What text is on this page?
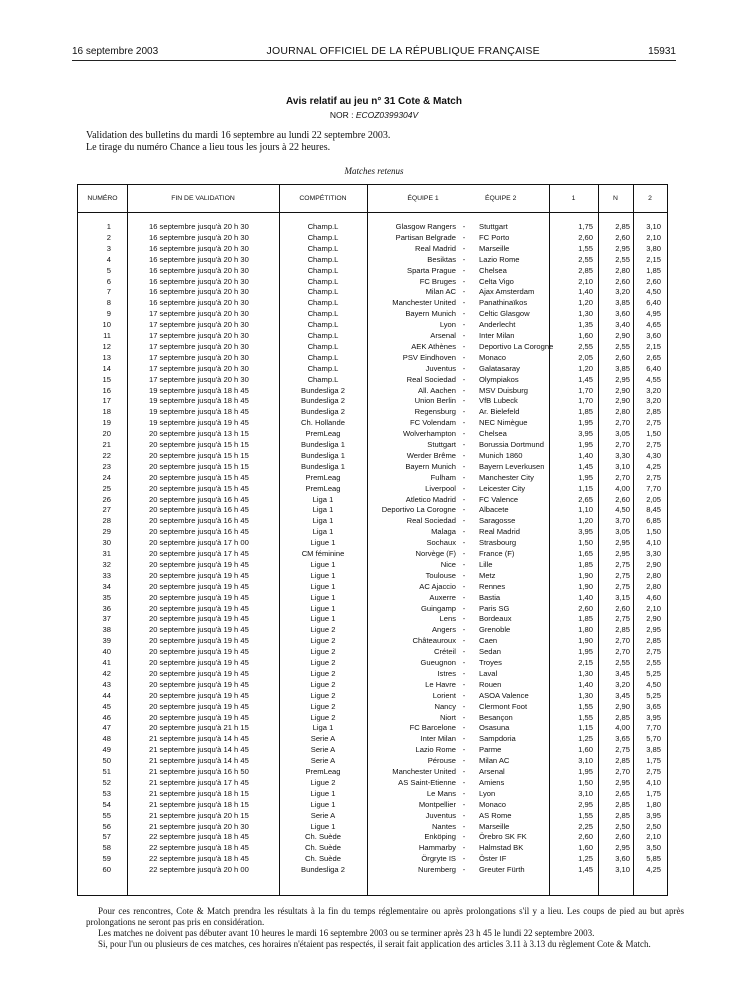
16 septembre 2003	JOURNAL OFFICIEL DE LA RÉPUBLIQUE FRANÇAISE	15931
Avis relatif au jeu n° 31 Cote & Match
NOR : ECOZ0399304V
Validation des bulletins du mardi 16 septembre au lundi 22 septembre 2003.
Le tirage du numéro Chance a lieu tous les jours à 22 heures.
Matches retenus
NUMÉRO	FIN DE VALIDATION	COMPÉTITION	ÉQUIPE 1	ÉQUIPE 2	1	N	2
1	16 septembre jusqu'à 20 h 30	Champ.L	Glasgow Rangers -	Stuttgart	1,75	2,85	3,10
2	16 septembre jusqu'à 20 h 30	Champ.L	Partisan Belgrade -	FC Porto	2,60	2,60	2,10
3	16 septembre jusqu'à 20 h 30	Champ.L	Real Madrid -	Marseille	1,55	2,95	3,80
4	16 septembre jusqu'à 20 h 30	Champ.L	Besiktas -	Lazio Rome	2,55	2,55	2,15
5	16 septembre jusqu'à 20 h 30	Champ.L	Sparta Prague -	Chelsea	2,85	2,80	1,85
6	16 septembre jusqu'à 20 h 30	Champ.L	FC Bruges -	Celta Vigo	2,10	2,60	2,60
7	16 septembre jusqu'à 20 h 30	Champ.L	Milan AC -	Ajax Amsterdam	1,40	3,20	4,50
8	16 septembre jusqu'à 20 h 30	Champ.L	Manchester United -	Panathinaïkos	1,20	3,85	6,40
9	17 septembre jusqu'à 20 h 30	Champ.L	Bayern Munich -	Celtic Glasgow	1,30	3,60	4,95
10	17 septembre jusqu'à 20 h 30	Champ.L	Lyon -	Anderlecht	1,35	3,40	4,65
11	17 septembre jusqu'à 20 h 30	Champ.L	Arsenal -	Inter Milan	1,60	2,90	3,60
12	17 septembre jusqu'à 20 h 30	Champ.L	AEK Athènes -	Deportivo La Corogne	2,55	2,55	2,15
13	17 septembre jusqu'à 20 h 30	Champ.L	PSV Eindhoven -	Monaco	2,05	2,60	2,65
14	17 septembre jusqu'à 20 h 30	Champ.L	Juventus -	Galatasaray	1,20	3,85	6,40
15	17 septembre jusqu'à 20 h 30	Champ.L	Real Sociedad -	Olympiakos	1,45	2,95	4,55
16	19 septembre jusqu'à 18 h 45	Bundesliga 2	All. Aachen -	MSV Duisburg	1,70	2,90	3,20
17	19 septembre jusqu'à 18 h 45	Bundesliga 2	Union Berlin -	VfB Lubeck	1,70	2,90	3,20
18	19 septembre jusqu'à 18 h 45	Bundesliga 2	Regensburg -	Ar. Bielefeld	1,85	2,80	2,85
19	19 septembre jusqu'à 19 h 45	Ch. Hollande	FC Volendam -	NEC Nimègue	1,95	2,70	2,75
20	20 septembre jusqu'à 13 h 15	PremLeag	Wolverhampton -	Chelsea	3,95	3,05	1,50
21	20 septembre jusqu'à 15 h 15	Bundesliga 1	Stuttgart -	Borussia Dortmund	1,95	2,70	2,75
22	20 septembre jusqu'à 15 h 15	Bundesliga 1	Werder Brême -	Munich 1860	1,40	3,30	4,30
23	20 septembre jusqu'à 15 h 15	Bundesliga 1	Bayern Munich -	Bayern Leverkusen	1,45	3,10	4,25
24	20 septembre jusqu'à 15 h 45	PremLeag	Fulham -	Manchester City	1,95	2,70	2,75
25	20 septembre jusqu'à 15 h 45	PremLeag	Liverpool -	Leicester City	1,15	4,00	7,70
26	20 septembre jusqu'à 16 h 45	Liga 1	Atletico Madrid -	FC Valence	2,65	2,60	2,05
27	20 septembre jusqu'à 16 h 45	Liga 1	Deportivo La Corogne -	Albacete	1,10	4,50	8,45
28	20 septembre jusqu'à 16 h 45	Liga 1	Real Sociedad -	Saragosse	1,20	3,70	6,85
29	20 septembre jusqu'à 16 h 45	Liga 1	Malaga -	Real Madrid	3,95	3,05	1,50
30	20 septembre jusqu'à 17 h 00	Ligue 1	Sochaux -	Strasbourg	1,50	2,95	4,10
31	20 septembre jusqu'à 17 h 45	CM féminine	Norvège (F) -	France (F)	1,65	2,95	3,30
32	20 septembre jusqu'à 19 h 45	Ligue 1	Nice -	Lille	1,85	2,75	2,90
33	20 septembre jusqu'à 19 h 45	Ligue 1	Toulouse -	Metz	1,90	2,75	2,80
34	20 septembre jusqu'à 19 h 45	Ligue 1	AC Ajaccio -	Rennes	1,90	2,75	2,80
35	20 septembre jusqu'à 19 h 45	Ligue 1	Auxerre -	Bastia	1,40	3,15	4,60
36	20 septembre jusqu'à 19 h 45	Ligue 1	Guingamp -	Paris SG	2,60	2,60	2,10
37	20 septembre jusqu'à 19 h 45	Ligue 1	Lens -	Bordeaux	1,85	2,75	2,90
38	20 septembre jusqu'à 19 h 45	Ligue 2	Angers -	Grenoble	1,80	2,85	2,95
39	20 septembre jusqu'à 19 h 45	Ligue 2	Châteauroux -	Caen	1,90	2,70	2,85
40	20 septembre jusqu'à 19 h 45	Ligue 2	Créteil -	Sedan	1,95	2,70	2,75
41	20 septembre jusqu'à 19 h 45	Ligue 2	Gueugnon -	Troyes	2,15	2,55	2,55
42	20 septembre jusqu'à 19 h 45	Ligue 2	Istres -	Laval	1,30	3,45	5,25
43	20 septembre jusqu'à 19 h 45	Ligue 2	Le Havre -	Rouen	1,40	3,20	4,50
44	20 septembre jusqu'à 19 h 45	Ligue 2	Lorient -	ASOA Valence	1,30	3,45	5,25
45	20 septembre jusqu'à 19 h 45	Ligue 2	Nancy -	Clermont Foot	1,55	2,90	3,65
46	20 septembre jusqu'à 19 h 45	Ligue 2	Niort -	Besançon	1,55	2,85	3,95
47	20 septembre jusqu'à 21 h 15	Liga 1	FC Barcelone -	Osasuna	1,15	4,00	7,70
48	21 septembre jusqu'à 14 h 45	Serie A	Inter Milan -	Sampdoria	1,25	3,65	5,70
49	21 septembre jusqu'à 14 h 45	Serie A	Lazio Rome -	Parme	1,60	2,75	3,85
50	21 septembre jusqu'à 14 h 45	Serie A	Pérouse -	Milan AC	3,10	2,85	1,75
51	21 septembre jusqu'à 16 h 50	PremLeag	Manchester United -	Arsenal	1,95	2,70	2,75
52	21 septembre jusqu'à 17 h 45	Ligue 2	AS Saint-Etienne -	Amiens	1,50	2,95	4,10
53	21 septembre jusqu'à 18 h 15	Ligue 1	Le Mans -	Lyon	3,10	2,65	1,75
54	21 septembre jusqu'à 18 h 15	Ligue 1	Montpellier -	Monaco	2,95	2,85	1,80
55	21 septembre jusqu'à 20 h 15	Serie A	Juventus -	AS Rome	1,55	2,85	3,95
56	21 septembre jusqu'à 20 h 30	Ligue 1	Nantes -	Marseille	2,25	2,50	2,50
57	22 septembre jusqu'à 18 h 45	Ch. Suède	Enköping -	Örebro SK FK	2,60	2,60	2,10
58	22 septembre jusqu'à 18 h 45	Ch. Suède	Hammarby -	Halmstad BK	1,60	2,95	3,50
59	22 septembre jusqu'à 18 h 45	Ch. Suède	Örgryte IS -	Öster IF	1,25	3,60	5,85
60	22 septembre jusqu'à 20 h 00	Bundesliga 2	Nuremberg -	Greuter Fürth	1,45	3,10	4,25

Pour ces rencontres, Cote & Match prendra les résultats à la fin du temps réglementaire ou après prolongations s'il y a lieu. Les coups de pied au but après prolongations ne seront pas pris en considération.

Les matches ne doivent pas débuter avant 10 heures le mardi 16 septembre 2003 ou se terminer après 23 h 45 le lundi 22 septembre 2003.

Si, pour l'un ou plusieurs de ces matches, ces horaires n'étaient pas respectés, il serait fait application des articles 3.11 à 3.13 du règlement Cote & Match.
